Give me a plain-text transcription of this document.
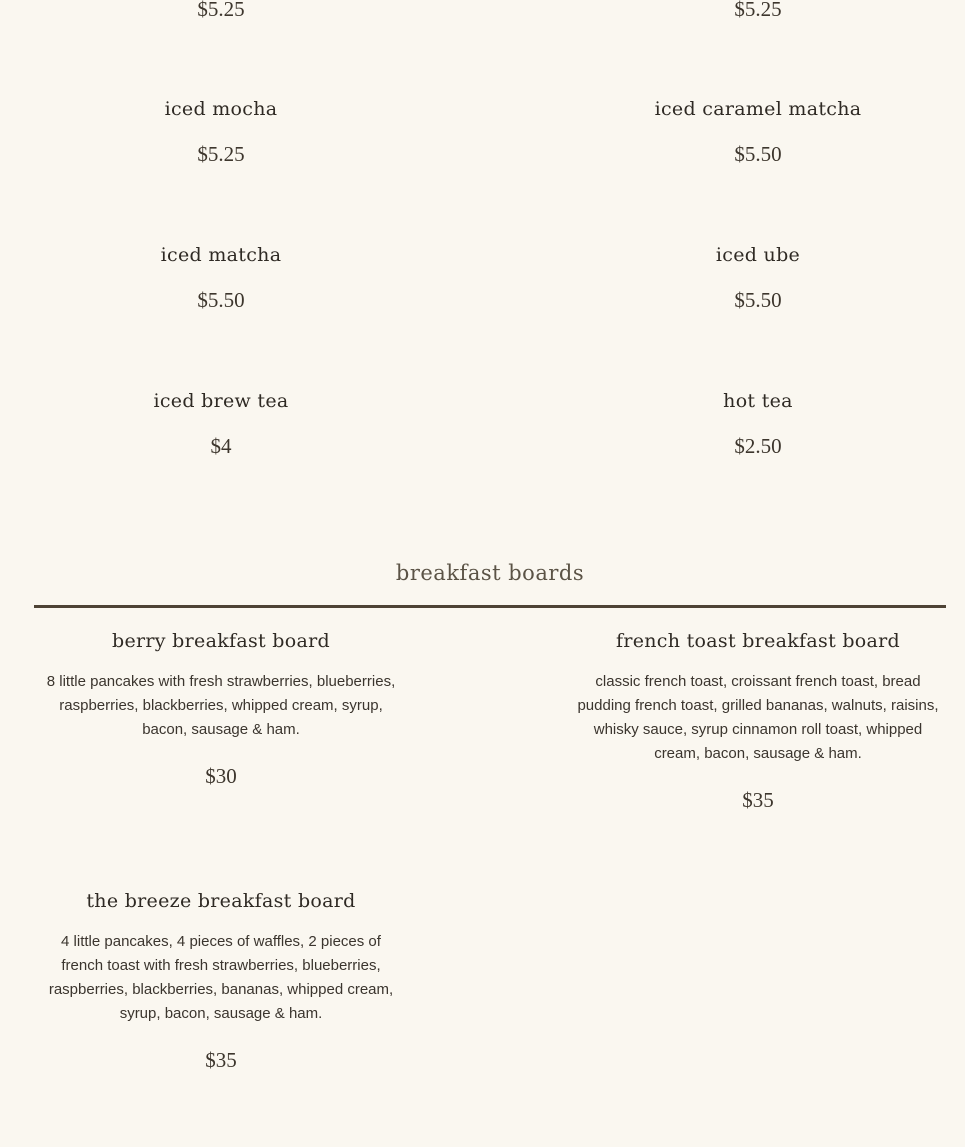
$5.25
iced mocha
$5.25
iced matcha
$5.50
iced brew tea
$4
$5.25
iced caramel matcha
$5.50
iced ube
$5.50
hot tea
$2.50
breakfast boards
berry breakfast board
8 little pancakes with fresh strawberries, blueberries, raspberries, blackberries, whipped cream, syrup, bacon, sausage & ham.
$30
french toast breakfast board
classic french toast, croissant french toast, bread pudding french toast, grilled bananas, walnuts, raisins, whisky sauce, syrup cinnamon roll toast, whipped cream, bacon, sausage & ham.
$35
the breeze breakfast board
4 little pancakes, 4 pieces of waffles, 2 pieces of french toast with fresh strawberries, blueberries, raspberries, blackberries, bananas, whipped cream, syrup, bacon, sausage & ham.
$35
